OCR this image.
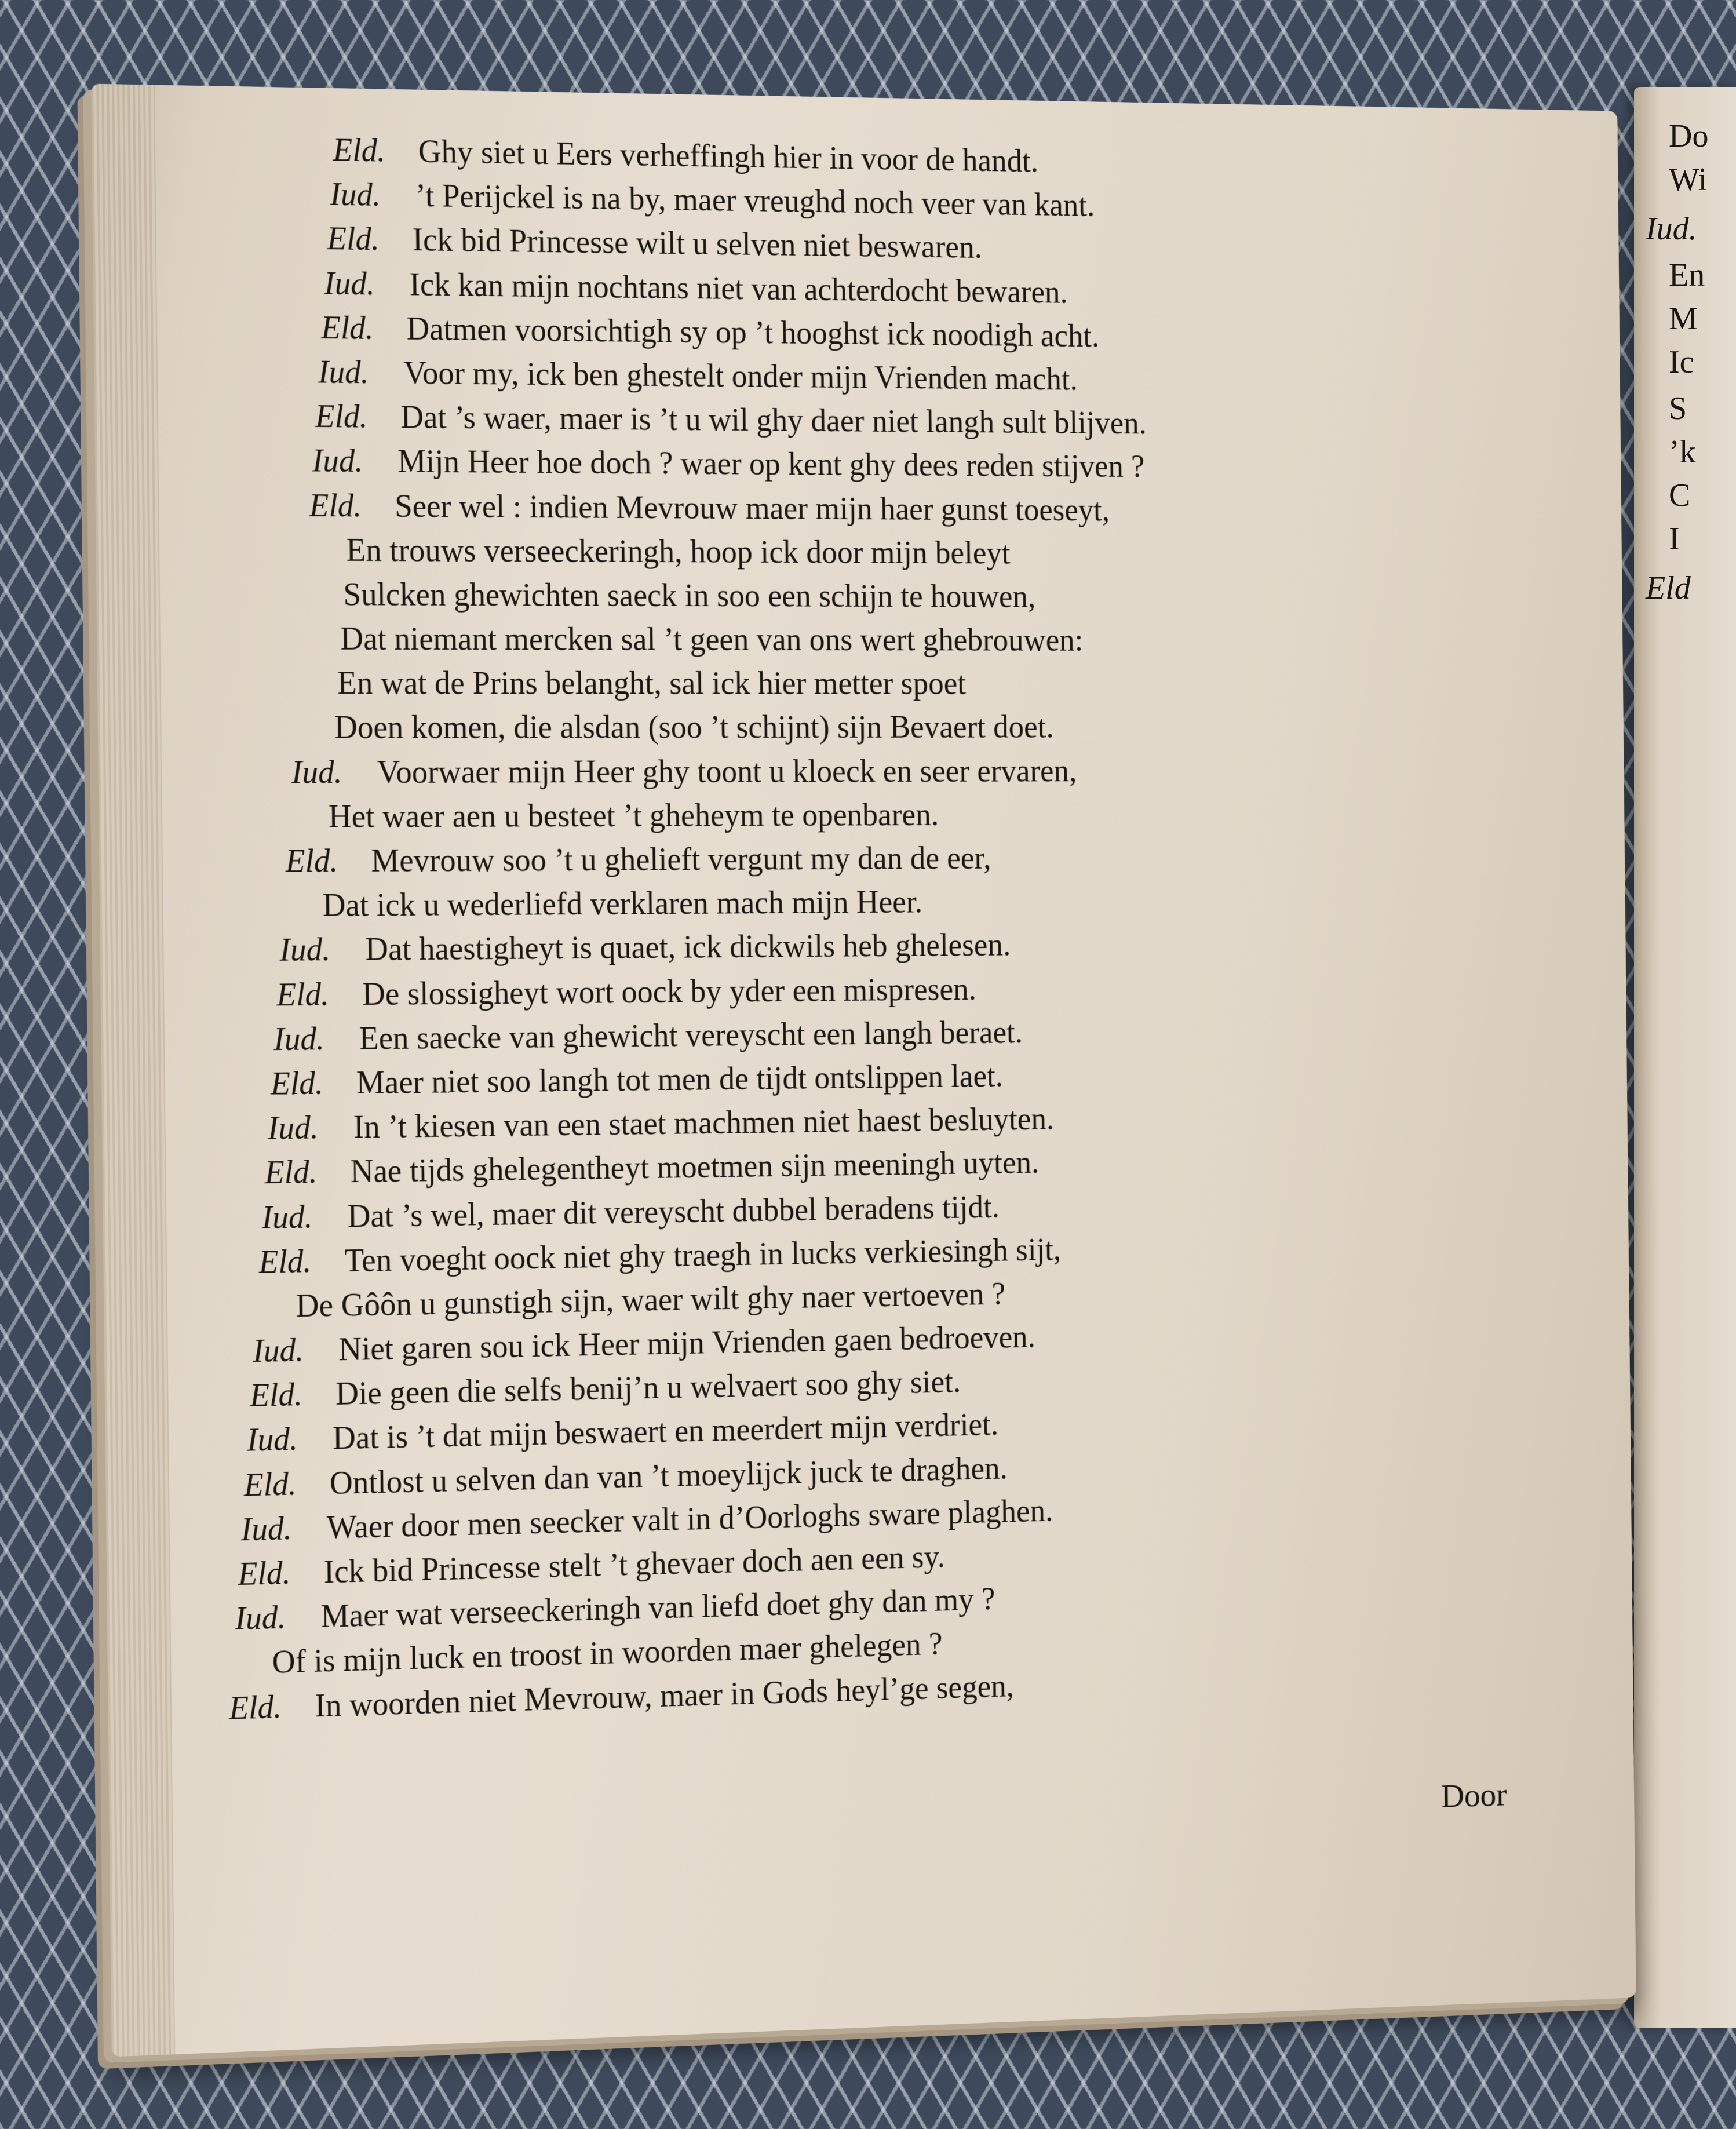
Do
Wi
Iud.
En
M
Ic
S
’k
C
I
Eld
Eld. Ghy siet u Eers verheffingh hier in voor de handt.
Iud. ’t Perijckel is na by, maer vreughd noch veer van kant.
Eld. Ick bid Princesse wilt u selven niet beswaren.
Iud. Ick kan mijn nochtans niet van achterdocht bewaren.
Eld. Datmen voorsichtigh sy op ’t hooghst ick noodigh acht.
Iud. Voor my, ick ben ghestelt onder mijn Vrienden macht.
Eld. Dat ’s waer, maer is ’t u wil ghy daer niet langh sult blijven.
Iud. Mijn Heer hoe doch ? waer op kent ghy dees reden stijven ?
Eld. Seer wel : indien Mevrouw maer mijn haer gunst toeseyt,
En trouws verseeckeringh, hoop ick door mijn beleyt
Sulcken ghewichten saeck in soo een schijn te houwen,
Dat niemant mercken sal ’t geen van ons wert ghebrouwen:
En wat de Prins belanght, sal ick hier metter spoet
Doen komen, die alsdan (soo ’t schijnt) sijn Bevaert doet.
Iud. Voorwaer mijn Heer ghy toont u kloeck en seer ervaren,
Het waer aen u besteet ’t gheheym te openbaren.
Eld. Mevrouw soo ’t u ghelieft vergunt my dan de eer,
Dat ick u wederliefd verklaren mach mijn Heer.
Iud. Dat haestigheyt is quaet, ick dickwils heb ghelesen.
Eld. De slossigheyt wort oock by yder een mispresen.
Iud. Een saecke van ghewicht vereyscht een langh beraet.
Eld. Maer niet soo langh tot men de tijdt ontslippen laet.
Iud. In ’t kiesen van een staet machmen niet haest besluyten.
Eld. Nae tijds ghelegentheyt moetmen sijn meeningh uyten.
Iud. Dat ’s wel, maer dit vereyscht dubbel beradens tijdt.
Eld. Ten voeght oock niet ghy traegh in lucks verkiesingh sijt,
De Gôôn u gunstigh sijn, waer wilt ghy naer vertoeven ?
Iud. Niet garen sou ick Heer mijn Vrienden gaen bedroeven.
Eld. Die geen die selfs benij’n u welvaert soo ghy siet.
Iud. Dat is ’t dat mijn beswaert en meerdert mijn verdriet.
Eld. Ontlost u selven dan van ’t moeylijck juck te draghen.
Iud. Waer door men seecker valt in d’Oorloghs sware plaghen.
Eld. Ick bid Princesse stelt ’t ghevaer doch aen een sy.
Iud. Maer wat verseeckeringh van liefd doet ghy dan my ?
Of is mijn luck en troost in woorden maer ghelegen ?
Eld. In woorden niet Mevrouw, maer in Gods heyl’ge segen,
Door
